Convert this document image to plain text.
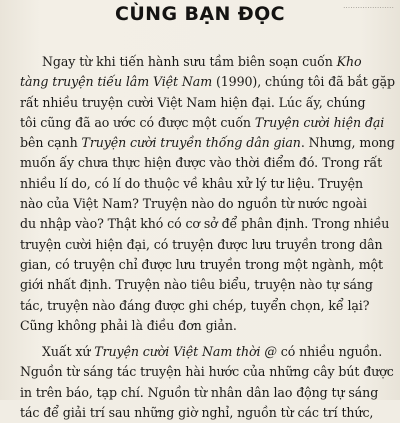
.....................
CÙNG BẠN ĐỌC
Ngay từ khi tiến hành sưu tầm biên soạn cuốn Kho
tàng truyện tiếu lâm Việt Nam (1990), chúng tôi đã bắt gặp
rất nhiều truyện cười Việt Nam hiện đại. Lúc ấy, chúng
tôi cũng đã ao ước có được một cuốn Truyện cười hiện đại
bên cạnh Truyện cười truyền thống dân gian. Nhưng, mong
muốn ấy chưa thực hiện được vào thời điểm đó. Trong rất
nhiều lí do, có lí do thuộc về khâu xử lý tư liệu. Truyện
nào của Việt Nam? Truyện nào do nguồn từ nước ngoài
du nhập vào? Thật khó có cơ sở để phân định. Trong nhiều
truyện cười hiện đại, có truyện được lưu truyền trong dân
gian, có truyện chỉ được lưu truyền trong một ngành, một
giới nhất định. Truyện nào tiêu biểu, truyện nào tự sáng
tác, truyện nào đáng được ghi chép, tuyển chọn, kể lại?
Cũng không phải là điều đơn giản.
Xuất xứ Truyện cười Việt Nam thời @ có nhiều nguồn.
Nguồn từ sáng tác truyện hài hước của những cây bút được
in trên báo, tạp chí. Nguồn từ nhân dân lao động tự sáng
tác để giải trí sau những giờ nghỉ, nguồn từ các trí thức,
